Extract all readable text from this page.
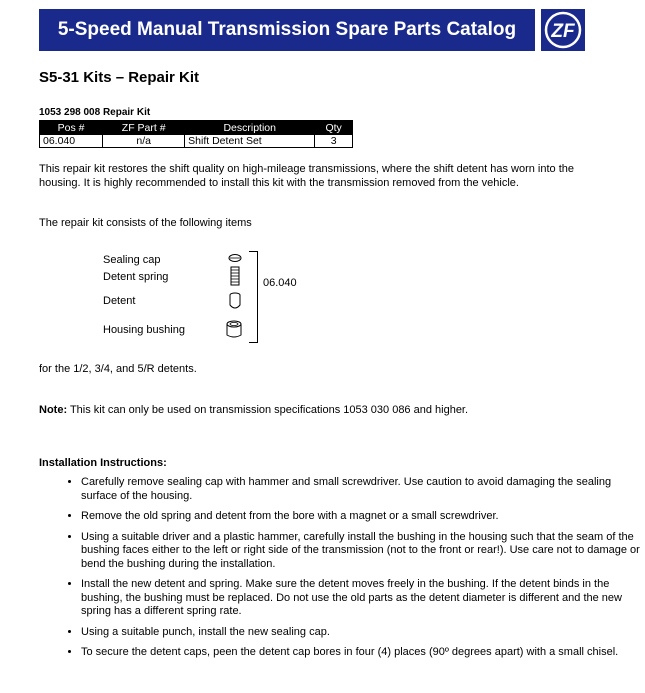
5-Speed Manual Transmission Spare Parts Catalog ZF
S5-31 Kits – Repair Kit
1053 298 008 Repair Kit
Pos #	ZF Part #	Description	Qty
06.040	n/a	Shift Detent Set	3
This repair kit restores the shift quality on high-mileage transmissions, where the shift detent has worn into the housing. It is highly recommended to install this kit with the transmission removed from the vehicle.
The repair kit consists of the following items
Sealing cap
Detent spring
Detent
Housing bushing
06.040
for the 1/2, 3/4, and 5/R detents.
Note: This kit can only be used on transmission specifications 1053 030 086 and higher.
Installation Instructions:
• Carefully remove sealing cap with hammer and small screwdriver. Use caution to avoid damaging the sealing surface of the housing.
• Remove the old spring and detent from the bore with a magnet or a small screwdriver.
• Using a suitable driver and a plastic hammer, carefully install the bushing in the housing such that the seam of the bushing faces either to the left or right side of the transmission (not to the front or rear!). Use care not to damage or bend the bushing during the installation.
• Install the new detent and spring. Make sure the detent moves freely in the bushing. If the detent binds in the bushing, the bushing must be replaced. Do not use the old parts as the detent diameter is different and the new spring has a different spring rate.
• Using a suitable punch, install the new sealing cap.
• To secure the detent caps, peen the detent cap bores in four (4) places (90º degrees apart) with a small chisel.
